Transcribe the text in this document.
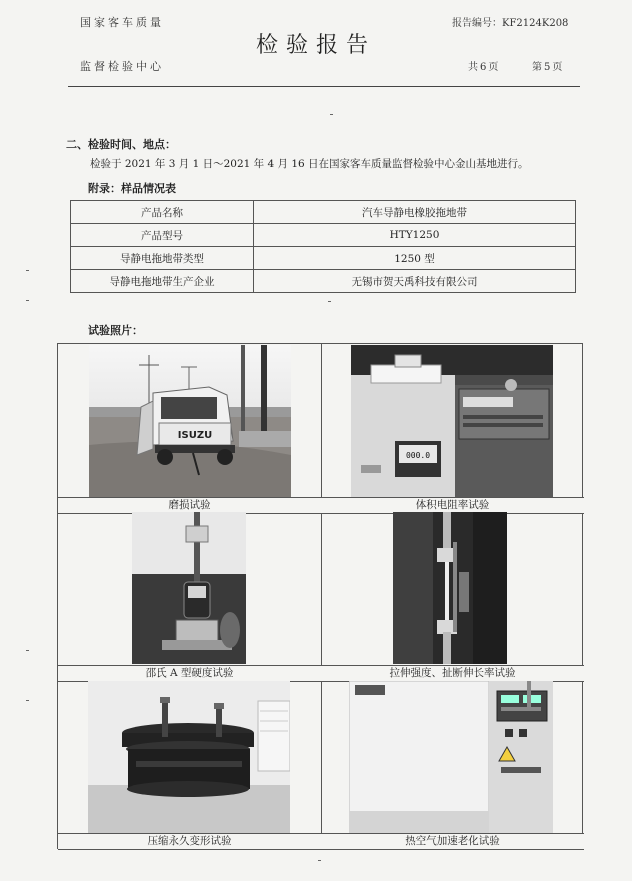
国家客车质量
监督检验中心
检验报告
报告编号：KF2124K208
共6页	第5页
二、检验时间、地点：
检验于 2021 年 3 月 1 日～2021 年 4 月 16 日在国家客车质量监督检验中心金山基地进行。
附录：样品情况表
产品名称	汽车导静电橡胶拖地带
产品型号	HTY1250
导静电拖地带类型	1250 型
导静电拖地带生产企业	无锡市贺天禹科技有限公司
试验照片：
ISUZU
磨损试验
000.0
体积电阻率试验
邵氏 A 型硬度试验	拉伸强度、扯断伸长率试验
压缩永久变形试验	热空气加速老化试验
